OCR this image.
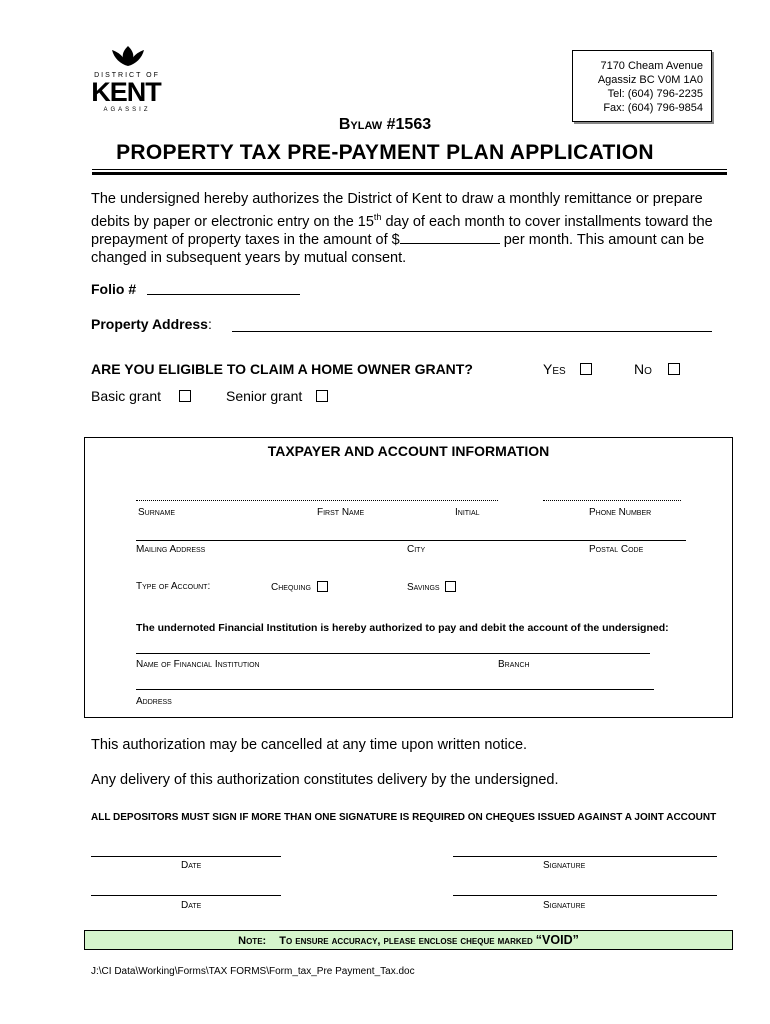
DISTRICT OF
KENT
AGASSIZ
7170 Cheam Avenue
Agassiz BC V0M 1A0
Tel: (604) 796-2235
Fax: (604) 796-9854
Bylaw #1563
PROPERTY TAX PRE-PAYMENT PLAN APPLICATION
The undersigned hereby authorizes the District of Kent to draw a monthly remittance or prepare debits by paper or electronic entry on the 15th day of each month to cover installments toward the prepayment of property taxes in the amount of $	per month. This amount can be changed in subsequent years by mutual consent.
Folio #
Property Address:
ARE YOU ELIGIBLE TO CLAIM A HOME OWNER GRANT?	Yes	No
Basic grant	Senior grant
TAXPAYER AND ACCOUNT INFORMATION
Surname	First Name	Initial	Phone Number
Mailing Address	City	Postal Code
Type of Account:	Chequing	Savings
The undernoted Financial Institution is hereby authorized to pay and debit the account of the undersigned:
Name of Financial Institution	Branch
Address
This authorization may be cancelled at any time upon written notice.
Any delivery of this authorization constitutes delivery by the undersigned.
ALL DEPOSITORS MUST SIGN IF MORE THAN ONE SIGNATURE IS REQUIRED ON CHEQUES ISSUED AGAINST A JOINT ACCOUNT
Date	Signature
Date	Signature
Note: To ensure accuracy, please enclose cheque marked “VOID”
J:\CI Data\Working\Forms\TAX FORMS\Form_tax_Pre Payment_Tax.doc
